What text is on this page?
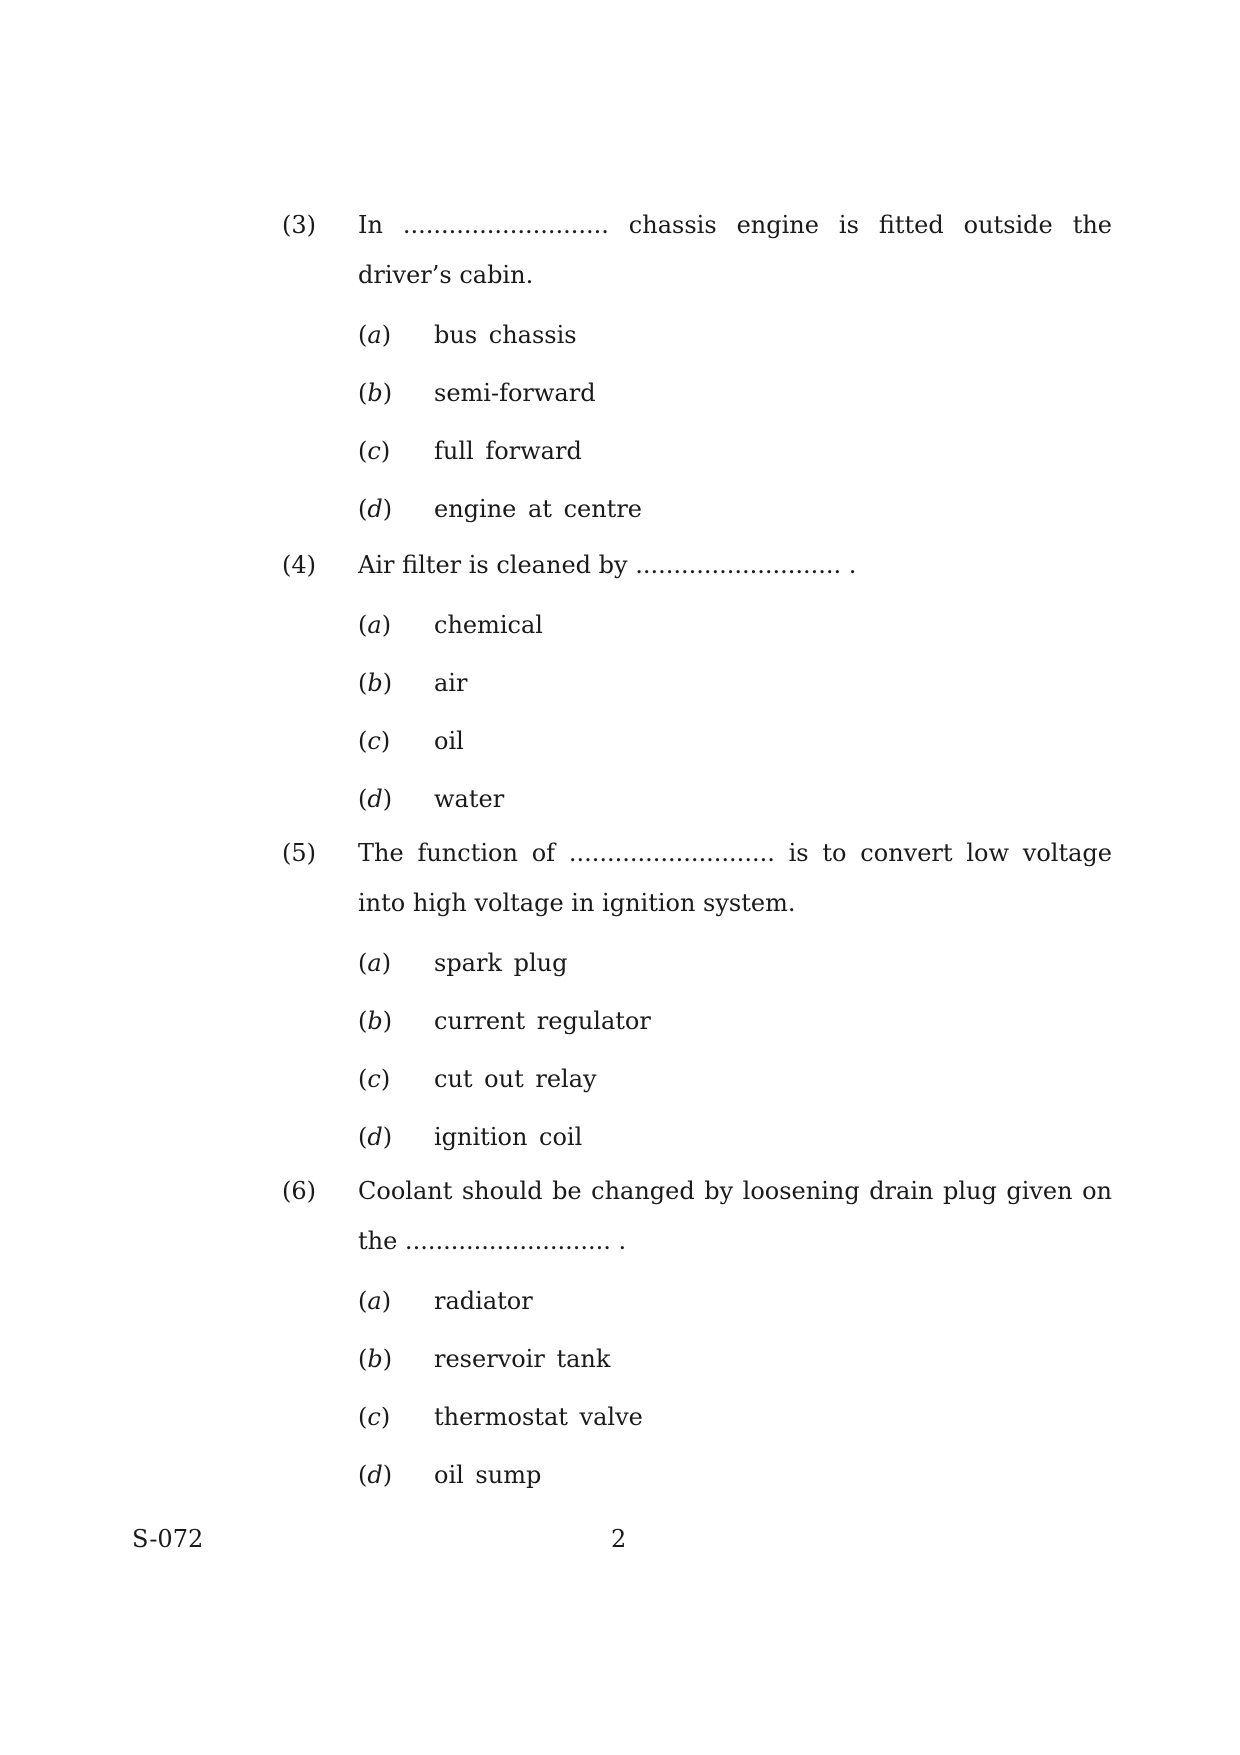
(3)	In ........................... chassis engine is fitted outside the driver’s cabin.
(a) bus chassis
(b) semi-forward
(c) full forward
(d) engine at centre
(4)	Air filter is cleaned by ........................... .
(a) chemical
(b) air
(c) oil
(d) water
(5)	The function of ........................... is to convert low voltage into high voltage in ignition system.
(a) spark plug
(b) current regulator
(c) cut out relay
(d) ignition coil
(6)	Coolant should be changed by loosening drain plug given on the ........................... .
(a) radiator
(b) reservoir tank
(c) thermostat valve
(d) oil sump
S-072	2
